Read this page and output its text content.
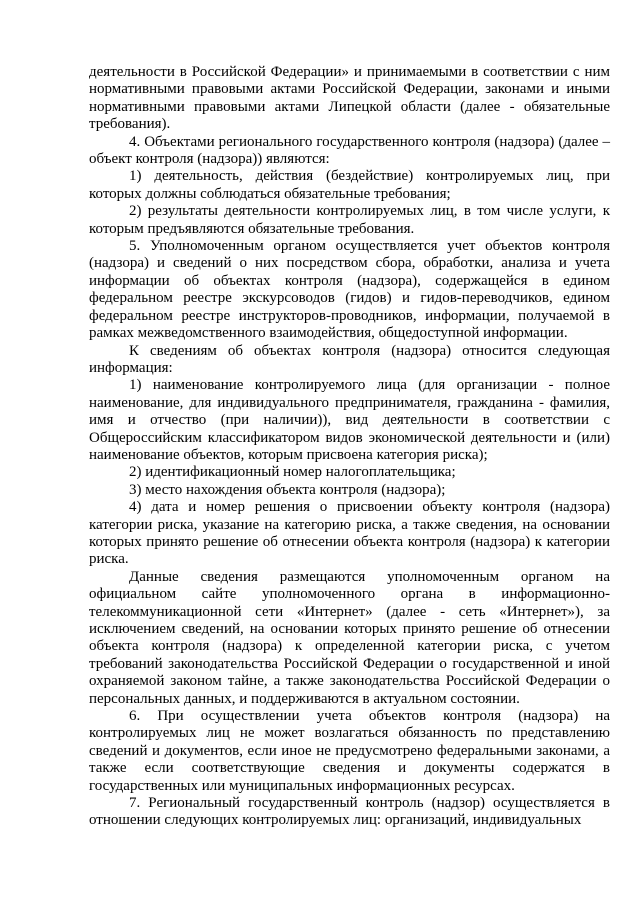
деятельности в Российской Федерации» и принимаемыми в соответствии с ним нормативными правовыми актами Российской Федерации, законами и иными нормативными правовыми актами Липецкой области (далее - обязательные требования).

4. Объектами регионального государственного контроля (надзора) (далее – объект контроля (надзора)) являются:

1) деятельность, действия (бездействие) контролируемых лиц, при которых должны соблюдаться обязательные требования;

2) результаты деятельности контролируемых лиц, в том числе услуги, к которым предъявляются обязательные требования.

5. Уполномоченным органом осуществляется учет объектов контроля (надзора) и сведений о них посредством сбора, обработки, анализа и учета информации об объектах контроля (надзора), содержащейся в едином федеральном реестре экскурсоводов (гидов) и гидов-переводчиков, едином федеральном реестре инструкторов-проводников, информации, получаемой в рамках межведомственного взаимодействия, общедоступной информации.

К сведениям об объектах контроля (надзора) относится следующая информация:

1) наименование контролируемого лица (для организации - полное наименование, для индивидуального предпринимателя, гражданина - фамилия, имя и отчество (при наличии)), вид деятельности в соответствии с Общероссийским классификатором видов экономической деятельности и (или) наименование объектов, которым присвоена категория риска);

2) идентификационный номер налогоплательщика;

3) место нахождения объекта контроля (надзора);

4) дата и номер решения о присвоении объекту контроля (надзора) категории риска, указание на категорию риска, а также сведения, на основании которых принято решение об отнесении объекта контроля (надзора) к категории риска.

Данные сведения размещаются уполномоченным органом на официальном сайте уполномоченного органа в информационно-телекоммуникационной сети «Интернет» (далее - сеть «Интернет»), за исключением сведений, на основании которых принято решение об отнесении объекта контроля (надзора) к определенной категории риска, с учетом требований законодательства Российской Федерации о государственной и иной охраняемой законом тайне, а также законодательства Российской Федерации о персональных данных, и поддерживаются в актуальном состоянии.

6. При осуществлении учета объектов контроля (надзора) на контролируемых лиц не может возлагаться обязанность по представлению сведений и документов, если иное не предусмотрено федеральными законами, а также если соответствующие сведения и документы содержатся в государственных или муниципальных информационных ресурсах.

7. Региональный государственный контроль (надзор) осуществляется в отношении следующих контролируемых лиц: организаций, индивидуальных
